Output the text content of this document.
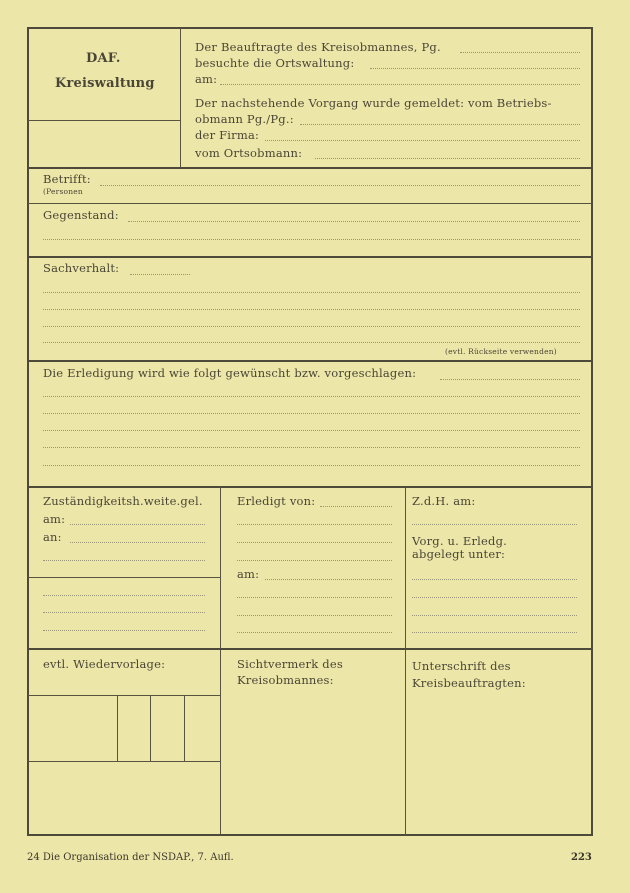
DAF.
Kreiswaltung
Der Beauftragte des Kreisobmannes, Pg.
besuchte die Ortswaltung:
am:
Der nachstehende Vorgang wurde gemeldet: vom Betriebs-
obmann Pg./Pg.:
der Firma:
vom Ortsobmann:
Betrifft:
(Personen
Gegenstand:
Sachverhalt:
(evtl. Rückseite verwenden)
Die Erledigung wird wie folgt gewünscht bzw. vorgeschlagen:
Zuständigkeitsh.weite.gel.
am:
an:
Erledigt von:
am:
Z.d.H. am:
Vorg. u. Erledg.
abgelegt unter:
evtl. Wiedervorlage:	Sichtvermerk des
Kreisobmannes:
Unterschrift des
Kreisbeauftragten:
24 Die Organisation der NSDAP., 7. Aufl.	223
